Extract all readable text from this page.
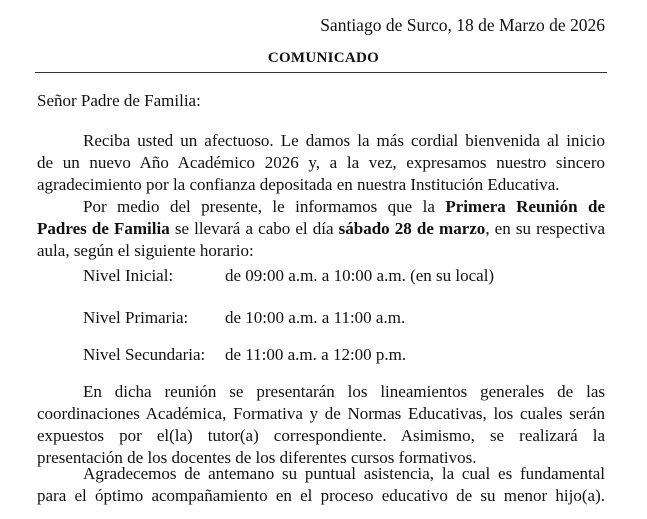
Santiago de Surco, 18 de Marzo de 2026
COMUNICADO
Señor Padre de Familia:
Reciba usted un afectuoso. Le damos la más cordial bienvenida al inicio
de un nuevo Año Académico 2026 y, a la vez, expresamos nuestro sincero
agradecimiento por la confianza depositada en nuestra Institución Educativa.
Por medio del presente, le informamos que la Primera Reunión de
Padres de Familia se llevará a cabo el día sábado 28 de marzo, en su respectiva
aula, según el siguiente horario:
Nivel Inicial:	de 09:00 a.m. a 10:00 a.m. (en su local)
Nivel Primaria: de 10:00 a.m. a 11:00 a.m.
Nivel Secundaria: de 11:00 a.m. a 12:00 p.m.
En dicha reunión se presentarán los lineamientos generales de las
coordinaciones Académica, Formativa y de Normas Educativas, los cuales serán
expuestos por el(la) tutor(a) correspondiente. Asimismo, se realizará la
presentación de los docentes de los diferentes cursos formativos.
Agradecemos de antemano su puntual asistencia, la cual es fundamental
para el óptimo acompañamiento en el proceso educativo de su menor hijo(a).
